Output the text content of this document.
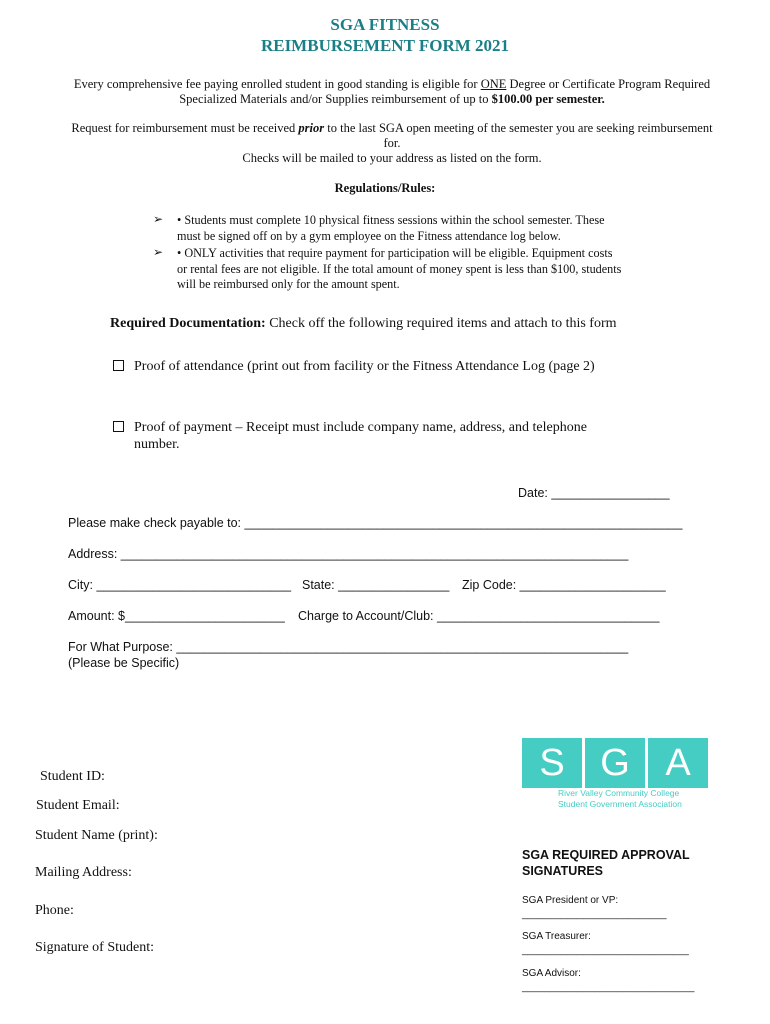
SGA FITNESS
REIMBURSEMENT FORM 2021
Every comprehensive fee paying enrolled student in good standing is eligible for ONE Degree or Certificate Program Required
Specialized Materials and/or Supplies reimbursement of up to $100.00 per semester.
Request for reimbursement must be received prior to the last SGA open meeting of the semester you are seeking reimbursement
for.
Checks will be mailed to your address as listed on the form.
Regulations/Rules:
➢ • Students must complete 10 physical fitness sessions within the school semester. These
must be signed off on by a gym employee on the Fitness attendance log below.
➢ • ONLY activities that require payment for participation will be eligible. Equipment costs
or rental fees are not eligible. If the total amount of money spent is less than $100, students
will be reimbursed only for the amount spent.
Required Documentation: Check off the following required items and attach to this form
Proof of attendance (print out from facility or the Fitness Attendance Log (page 2)
Proof of payment – Receipt must include company name, address, and telephone
number.
Date: _________________
Please make check payable to: _______________________________________________________________
Address: _________________________________________________________________________
City: ____________________________ State: ________________ Zip Code: _____________________
Amount: $_______________________ Charge to Account/Club: ________________________________
For What Purpose: _________________________________________________________________
(Please be Specific)
Student ID:
Student Email:
Student Name (print):
Mailing Address:
Phone:
Signature of Student:
S G A
River Valley Community College
Student Government Association
SGA REQUIRED APPROVAL
SIGNATURES
SGA President or VP:
__________________________
SGA Treasurer:
______________________________
SGA Advisor:
_______________________________
